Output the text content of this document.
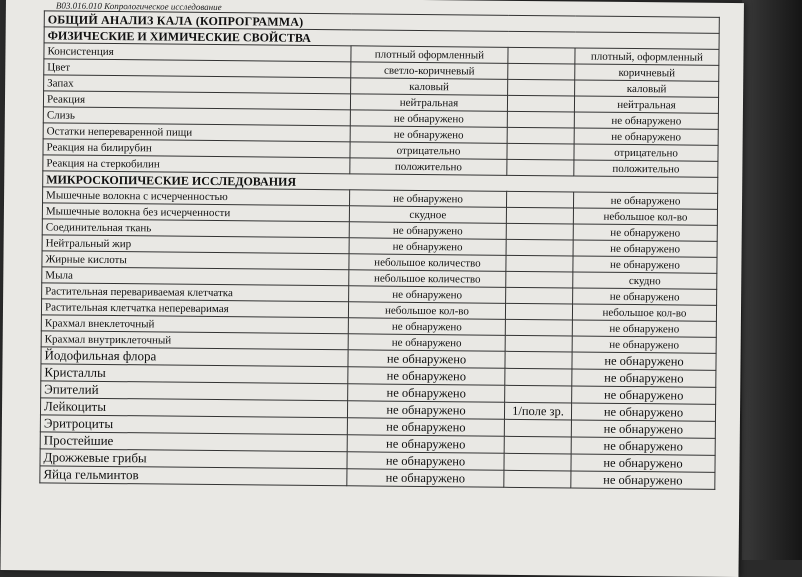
B03.016.010 Копрологическое исследование
ОБЩИЙ АНАЛИЗ КАЛА (КОПРОГРАММА)			
ФИЗИЧЕСКИЕ И ХИМИЧЕСКИЕ СВОЙСТВА			
Консистенция	плотный оформленный		плотный, оформленный
Цвет	светло-коричневый		коричневый
Запах	каловый		каловый
Реакция	нейтральная		нейтральная
Слизь	не обнаружено		не обнаружено
Остатки непереваренной пищи	не обнаружено		не обнаружено
Реакция на билирубин	отрицательно		отрицательно
Реакция на стеркобилин	положительно		положительно
МИКРОСКОПИЧЕСКИЕ ИССЛЕДОВАНИЯ			
Мышечные волокна с исчерченностью	не обнаружено		не обнаружено
Мышечные волокна без исчерченности	скудное		небольшое кол-во
Соединительная ткань	не обнаружено		не обнаружено
Нейтральный жир	не обнаружено		не обнаружено
Жирные кислоты	небольшое количество		не обнаружено
Мыла	небольшое количество		скудно
Растительная перевариваемая клетчатка	не обнаружено		не обнаружено
Растительная клетчатка непереваримая	небольшое кол-во		небольшое кол-во
Крахмал внеклеточный	не обнаружено		не обнаружено
Крахмал внутриклеточный	не обнаружено		не обнаружено
Йодофильная флора	не обнаружено		не обнаружено
Кристаллы	не обнаружено		не обнаружено
Эпителий	не обнаружено		не обнаружено
Лейкоциты	не обнаружено	1/поле зр.	не обнаружено
Эритроциты	не обнаружено		не обнаружено
Простейшие	не обнаружено		не обнаружено
Дрожжевые грибы	не обнаружено		не обнаружено
Яйца гельминтов	не обнаружено		не обнаружено
